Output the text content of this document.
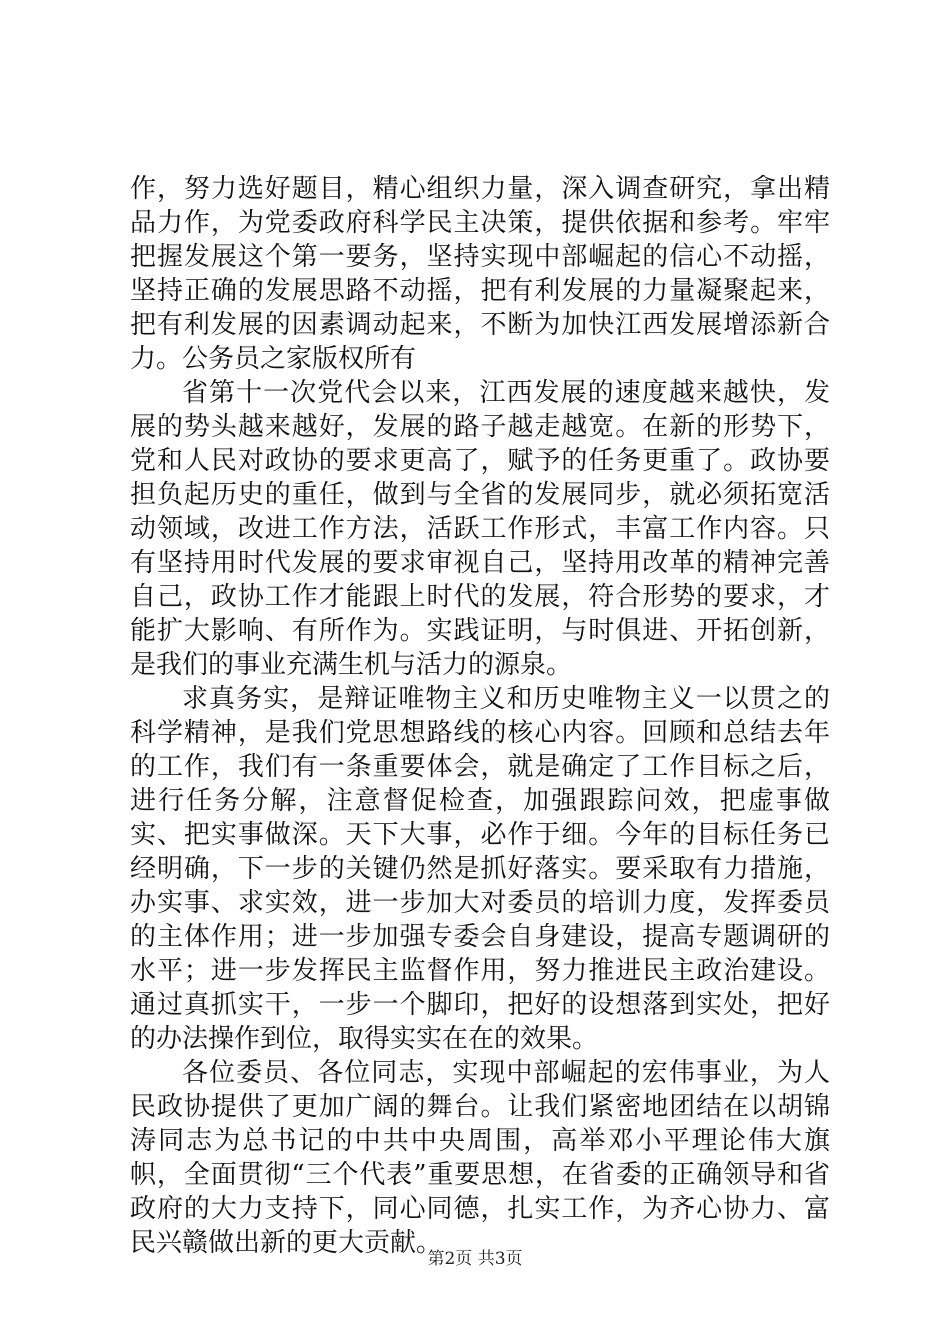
作，努力选好题目，精心组织力量，深入调查研究，拿出精品力作，为党委政府科学民主决策，提供依据和参考。牢牢把握发展这个第一要务，坚持实现中部崛起的信心不动摇，坚持正确的发展思路不动摇，把有利发展的力量凝聚起来，把有利发展的因素调动起来，不断为加快江西发展增添新合力。公务员之家版权所有

省第十一次党代会以来，江西发展的速度越来越快，发展的势头越来越好，发展的路子越走越宽。在新的形势下，党和人民对政协的要求更高了，赋予的任务更重了。政协要担负起历史的重任，做到与全省的发展同步，就必须拓宽活动领域，改进工作方法，活跃工作形式，丰富工作内容。只有坚持用时代发展的要求审视自己，坚持用改革的精神完善自己，政协工作才能跟上时代的发展，符合形势的要求，才能扩大影响、有所作为。实践证明，与时俱进、开拓创新，是我们的事业充满生机与活力的源泉。

求真务实，是辩证唯物主义和历史唯物主义一以贯之的科学精神，是我们党思想路线的核心内容。回顾和总结去年的工作，我们有一条重要体会，就是确定了工作目标之后，进行任务分解，注意督促检查，加强跟踪问效，把虚事做实、把实事做深。天下大事，必作于细。今年的目标任务已经明确，下一步的关键仍然是抓好落实。要采取有力措施，办实事、求实效，进一步加大对委员的培训力度，发挥委员的主体作用；进一步加强专委会自身建设，提高专题调研的水平；进一步发挥民主监督作用，努力推进民主政治建设。通过真抓实干，一步一个脚印，把好的设想落到实处，把好的办法操作到位，取得实实在在的效果。

各位委员、各位同志，实现中部崛起的宏伟事业，为人民政协提供了更加广阔的舞台。让我们紧密地团结在以胡锦涛同志为总书记的中共中央周围，高举邓小平理论伟大旗帜，全面贯彻“三个代表”重要思想，在省委的正确领导和省政府的大力支持下，同心同德，扎实工作，为齐心协力、富民兴赣做出新的更大贡献。

第2页 共3页
